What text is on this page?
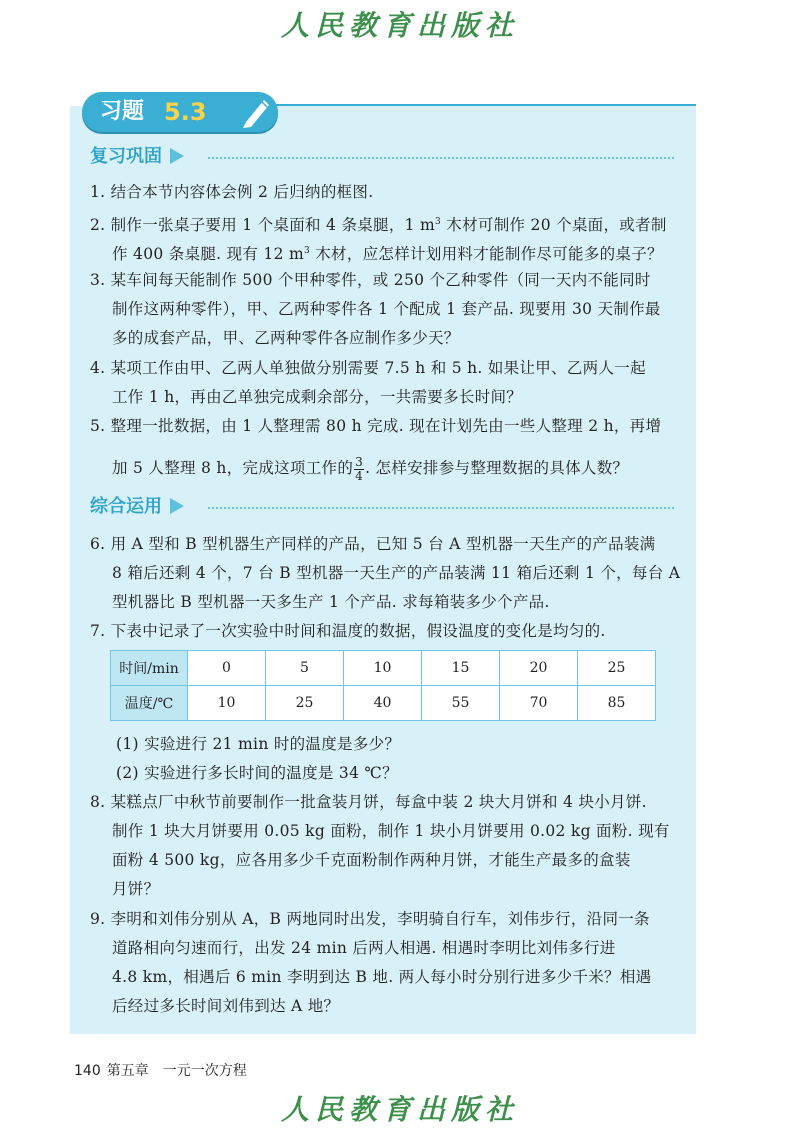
人民教育出版社
习题 5.3
复习巩固
1. 结合本节内容体会例 2 后归纳的框图.
2. 制作一张桌子要用 1 个桌面和 4 条桌腿，1 $m^3$ 木材可制作 20 个桌面，或者制
作 400 条桌腿. 现有 12 $m^3$ 木材，应怎样计划用料才能制作尽可能多的桌子？
3. 某车间每天能制作 500 个甲种零件，或 250 个乙种零件（同一天内不能同时
制作这两种零件），甲、乙两种零件各 1 个配成 1 套产品. 现要用 30 天制作最
多的成套产品，甲、乙两种零件各应制作多少天？
4. 某项工作由甲、乙两人单独做分别需要 7.5 h 和 5 h. 如果让甲、乙两人一起
工作 1 h，再由乙单独完成剩余部分，一共需要多长时间？
5. 整理一批数据，由 1 人整理需 80 h 完成. 现在计划先由一些人整理 2 h，再增
加 5 人整理 8 h，完成这项工作的 $\frac{3}{4}$ . 怎样安排参与整理数据的具体人数？
综合运用
6. 用 A 型和 B 型机器生产同样的产品，已知 5 台 A 型机器一天生产的产品装满
8 箱后还剩 4 个，7 台 B 型机器一天生产的产品装满 11 箱后还剩 1 个，每台 A
型机器比 B 型机器一天多生产 1 个产品. 求每箱装多少个产品.
7. 下表中记录了一次实验中时间和温度的数据，假设温度的变化是均匀的.
时间/min	0	5	10	15	20	25
温度/℃	10	25	40	55	70	85
(1) 实验进行 21 min 时的温度是多少？
(2) 实验进行多长时间的温度是 34 ℃？
8. 某糕点厂中秋节前要制作一批盒装月饼，每盒中装 2 块大月饼和 4 块小月饼.
制作 1 块大月饼要用 0.05 kg 面粉，制作 1 块小月饼要用 0.02 kg 面粉. 现有
面粉 4 500 kg，应各用多少千克面粉制作两种月饼，才能生产最多的盒装
月饼？
9. 李明和刘伟分别从 A，B 两地同时出发，李明骑自行车，刘伟步行，沿同一条
道路相向匀速而行，出发 24 min 后两人相遇. 相遇时李明比刘伟多行进
4.8 km，相遇后 6 min 李明到达 B 地. 两人每小时分别行进多少千米？相遇
后经过多长时间刘伟到达 A 地？
140 第五章 一元一次方程
人民教育出版社
